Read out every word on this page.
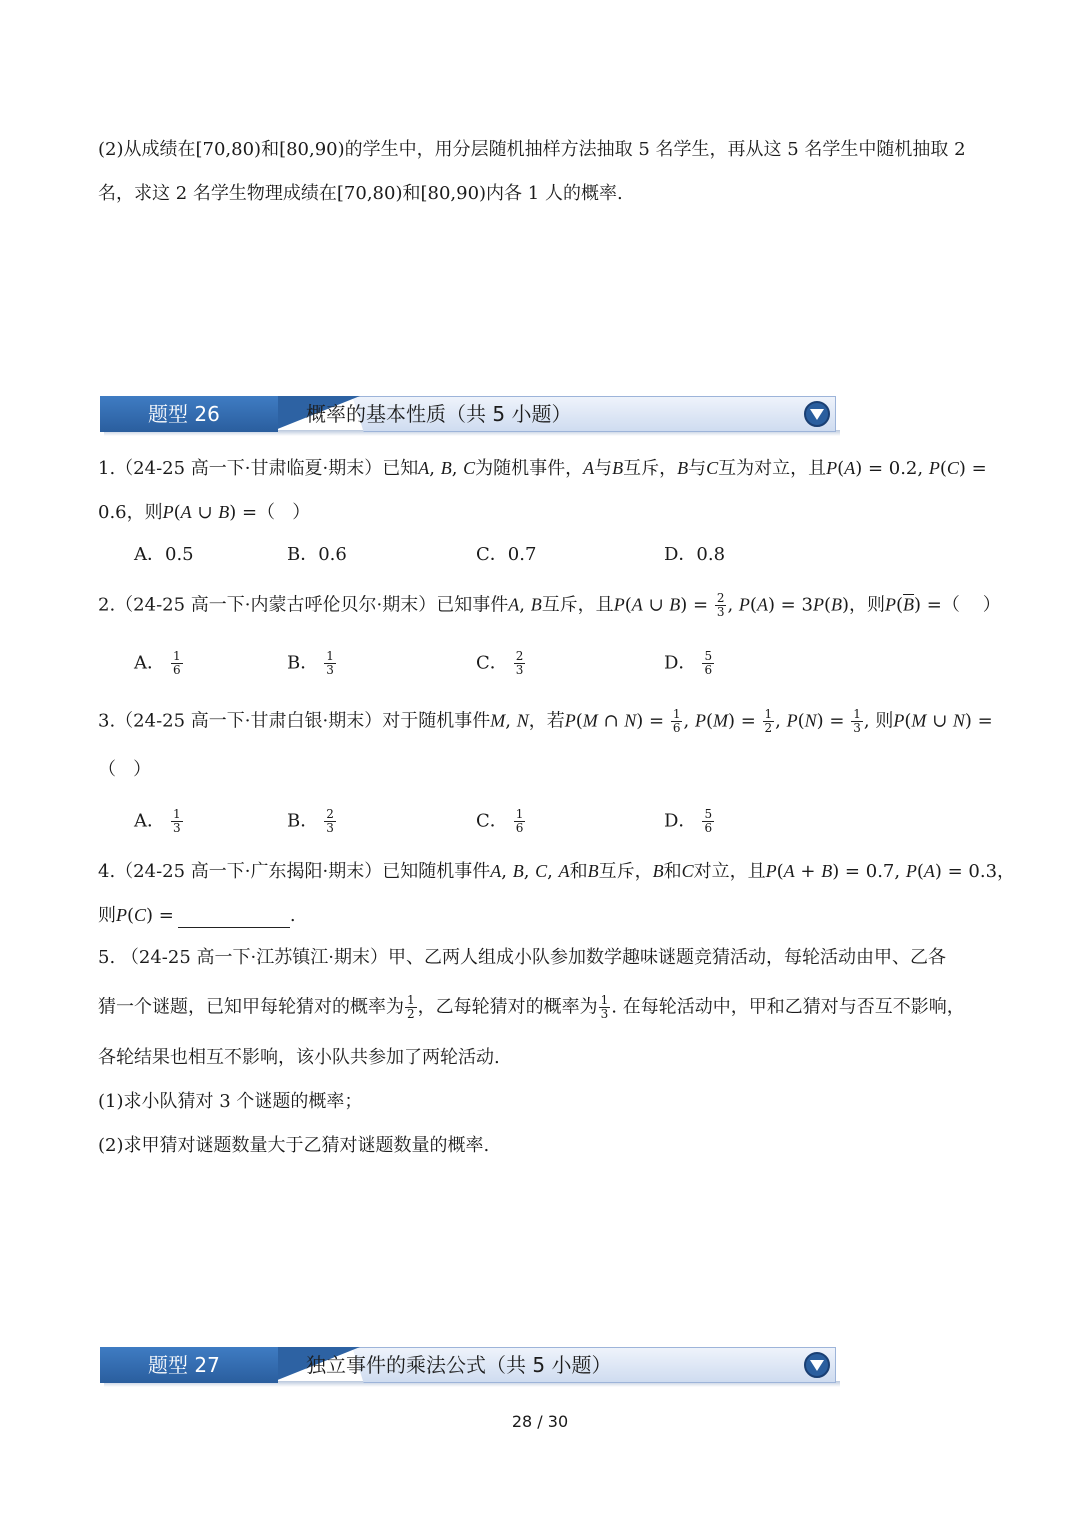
(2)从成绩在[70,80)和[80,90)的学生中，用分层随机抽样方法抽取 5 名学生，再从这 5 名学生中随机抽取 2
名，求这 2 名学生物理成绩在[70,80)和[80,90)内各 1 人的概率.
题型 26	概率的基本性质（共 5 小题）
1.（24-25 高一下·甘肃临夏·期末）已知A, B, C为随机事件，A与B互斥，B与C互为对立，且P(A) = 0.2, P(C) =
0.6，则P(A ∪ B) =（   ）
A．0.5	B．0.6	C．0.7	D．0.8
2.（24-25 高一下·内蒙古呼伦贝尔·期末）已知事件A, B互斥，且P(A ∪ $B) = \frac{2}{3}$ , P(A) = 3P(B)，则$P(\overline{B})$ =（    ）
A． $\frac{1}{6}$	B． $\frac{1}{3}$	C． $\frac{2}{3}$	D． $\frac{5}{6}$
3.（24-25 高一下·甘肃白银·期末）对于随机事件M, N，若P(M ∩ $N) = \frac{1}{6}$ , $P(M) = \frac{1}{2}$ , $P(N) = \frac{1}{3}$ , 则P(M ∪ N) =
（   ）
A． $\frac{1}{3}$	B． $\frac{2}{3}$	C． $\frac{1}{6}$	D． $\frac{5}{6}$
4.（24-25 高一下·广东揭阳·期末）已知随机事件A, B, C, A和B互斥，B和C对立，且P(A + B) = 0.7, P(A) = 0.3，
则P(C) =	.
5. （24-25 高一下·江苏镇江·期末）甲、乙两人组成小队参加数学趣味谜题竞猜活动，每轮活动由甲、乙各
猜一个谜题，已知甲每轮猜对的概率为 $\frac{1}{2}$ ，乙每轮猜对的概率为 $\frac{1}{3}$ . 在每轮活动中，甲和乙猜对与否互不影响，
各轮结果也相互不影响，该小队共参加了两轮活动.
(1)求小队猜对 3 个谜题的概率；
(2)求甲猜对谜题数量大于乙猜对谜题数量的概率.
题型 27	独立事件的乘法公式（共 5 小题）
28 / 30
